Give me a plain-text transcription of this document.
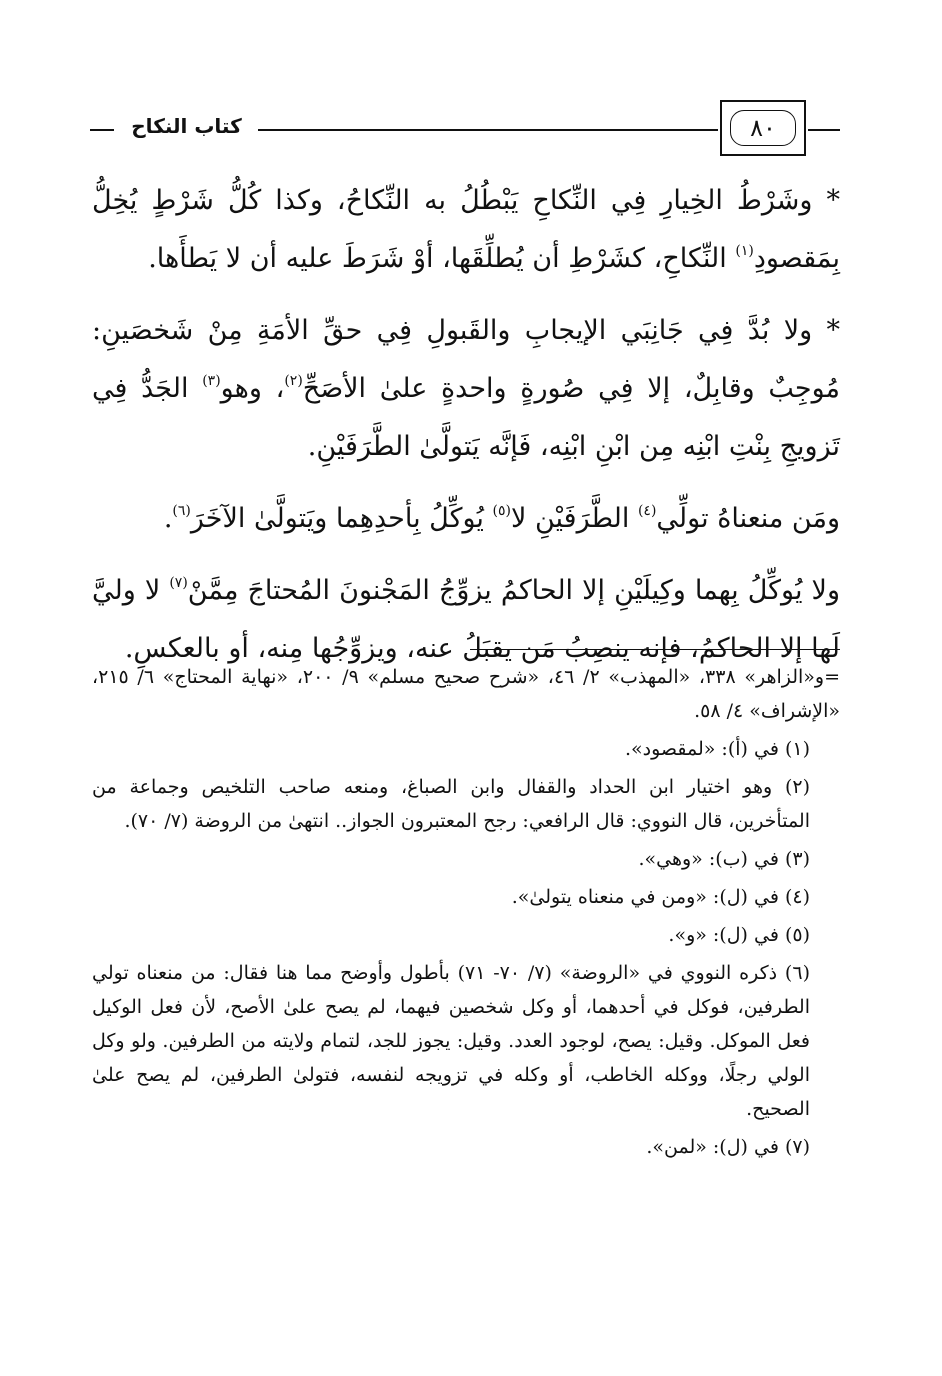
كتاب النكاح	٨٠

* وشَرْطُ الخِيارِ فِي النِّكاحِ يَبْطُلُ به النِّكاحُ، وكذا كُلُّ شَرْطٍ يُخِلُّ بِمَقصودِ$^{(١)}$ النِّكاحِ، كشَرْطِ أن يُطلِّقَها، أوْ شَرَطَ عليه أن لا يَطأَها.

* ولا بُدَّ فِي جَانِبَي الإيجابِ والقَبولِ فِي حقِّ الأمَةِ مِنْ شَخصَينِ: مُوجِبٌ وقابِلٌ، إلا فِي صُورةٍ واحدةٍ علىٰ الأصَحِّ$^{(٢)}$، وهو$^{(٣)}$ الجَدُّ فِي تَزويجِ بِنْتِ ابْنِه مِن ابْنِ ابْنِه، فَإنَّه يَتولَّىٰ الطَّرَفَيْنِ.

ومَن منعناهُ تولِّي$^{(٤)}$ الطَّرَفَيْنِ لا$^{(٥)}$ يُوكِّلُ بِأحدِهِما ويَتولَّىٰ الآخَرَ$^{(٦)}$.

ولا يُوكِّلُ بِهما وكِيلَيْنِ إلا الحاكمُ يزوِّجُ المَجْنونَ المُحتاجَ مِمَّنْ$^{(٧)}$ لا وليَّ لَها إلا الحاكمُ، فإنه ينصِبُ مَن يقبَلُ عنه، ويزوِّجُها مِنه، أو بالعكسِ.

=و«الزاهر» ٣٣٨، «المهذب» ٢/ ٤٦، «شرح صحيح مسلم» ٩/ ٢٠٠، «نهاية المحتاج» ٦/ ٢١٥، «الإشراف» ٤/ ٥٨.

(١) في (أ): «لمقصود».

(٢) وهو اختيار ابن الحداد والقفال وابن الصباغ، ومنعه صاحب التلخيص وجماعة من المتأخرين، قال النووي: قال الرافعي: رجح المعتبرون الجواز.. انتهىٰ من الروضة (٧/ ٧٠).

(٣) في (ب): «وهي».

(٤) في (ل): «ومن في منعناه يتولىٰ».

(٥) في (ل): «و».

(٦) ذكره النووي في «الروضة» (٧/ ٧٠- ٧١) بأطول وأوضح مما هنا فقال: من منعناه تولي الطرفين، فوكل في أحدهما، أو وكل شخصين فيهما، لم يصح علىٰ الأصح، لأن فعل الوكيل فعل الموكل. وقيل: يصح، لوجود العدد. وقيل: يجوز للجد، لتمام ولايته من الطرفين. ولو وكل الولي رجلًا، ووكله الخاطب، أو وكله في تزويجه لنفسه، فتولىٰ الطرفين، لم يصح علىٰ الصحيح.

(٧) في (ل): «لمن».
